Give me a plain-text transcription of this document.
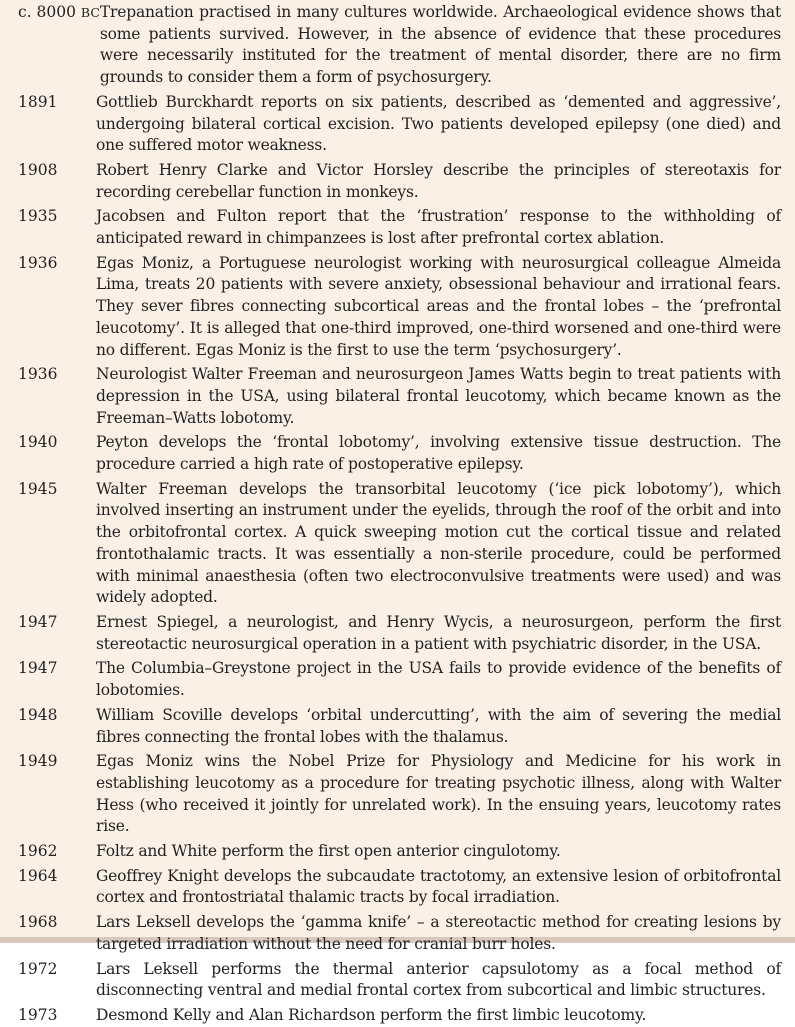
c. 8000 BC Trepanation practised in many cultures worldwide. Archaeological evidence shows that some patients survived. However, in the absence of evidence that these procedures were necessarily instituted for the treatment of mental disorder, there are no firm grounds to consider them a form of psychosurgery.
1891	Gottlieb Burckhardt reports on six patients, described as ‘demented and aggressive’, undergoing bilateral cortical excision. Two patients developed epilepsy (one died) and one suffered motor weakness.
1908	Robert Henry Clarke and Victor Horsley describe the principles of stereotaxis for recording cerebellar function in monkeys.
1935	Jacobsen and Fulton report that the ‘frustration’ response to the withholding of anticipated reward in chimpanzees is lost after prefrontal cortex ablation.
1936	Egas Moniz, a Portuguese neurologist working with neurosurgical colleague Almeida Lima, treats 20 patients with severe anxiety, obsessional behaviour and irrational fears. They sever fibres connecting subcortical areas and the frontal lobes – the ‘prefrontal leucotomy’. It is alleged that one-third improved, one-third worsened and one-third were no different. Egas Moniz is the first to use the term ‘psychosurgery’.
1936	Neurologist Walter Freeman and neurosurgeon James Watts begin to treat patients with depression in the USA, using bilateral frontal leucotomy, which became known as the Freeman–Watts lobotomy.
1940	Peyton develops the ‘frontal lobotomy’, involving extensive tissue destruction. The procedure carried a high rate of postoperative epilepsy.
1945	Walter Freeman develops the transorbital leucotomy (‘ice pick lobotomy’), which involved inserting an instrument under the eyelids, through the roof of the orbit and into the orbitofrontal cortex. A quick sweeping motion cut the cortical tissue and related frontothalamic tracts. It was essentially a non-sterile procedure, could be performed with minimal anaesthesia (often two electroconvulsive treatments were used) and was widely adopted.
1947	Ernest Spiegel, a neurologist, and Henry Wycis, a neurosurgeon, perform the first stereotactic neurosurgical operation in a patient with psychiatric disorder, in the USA.
1947	The Columbia–Greystone project in the USA fails to provide evidence of the benefits of lobotomies.
1948	William Scoville develops ‘orbital undercutting’, with the aim of severing the medial fibres connecting the frontal lobes with the thalamus.
1949	Egas Moniz wins the Nobel Prize for Physiology and Medicine for his work in establishing leucotomy as a procedure for treating psychotic illness, along with Walter Hess (who received it jointly for unrelated work). In the ensuing years, leucotomy rates rise.
1962	Foltz and White perform the first open anterior cingulotomy.
1964	Geoffrey Knight develops the subcaudate tractotomy, an extensive lesion of orbitofrontal cortex and frontostriatal thalamic tracts by focal irradiation.
1968	Lars Leksell develops the ‘gamma knife’ – a stereotactic method for creating lesions by targeted irradiation without the need for cranial burr holes.
1972	Lars Leksell performs the thermal anterior capsulotomy as a focal method of disconnecting ventral and medial frontal cortex from subcortical and limbic structures.
1973	Desmond Kelly and Alan Richardson perform the first limbic leucotomy.
